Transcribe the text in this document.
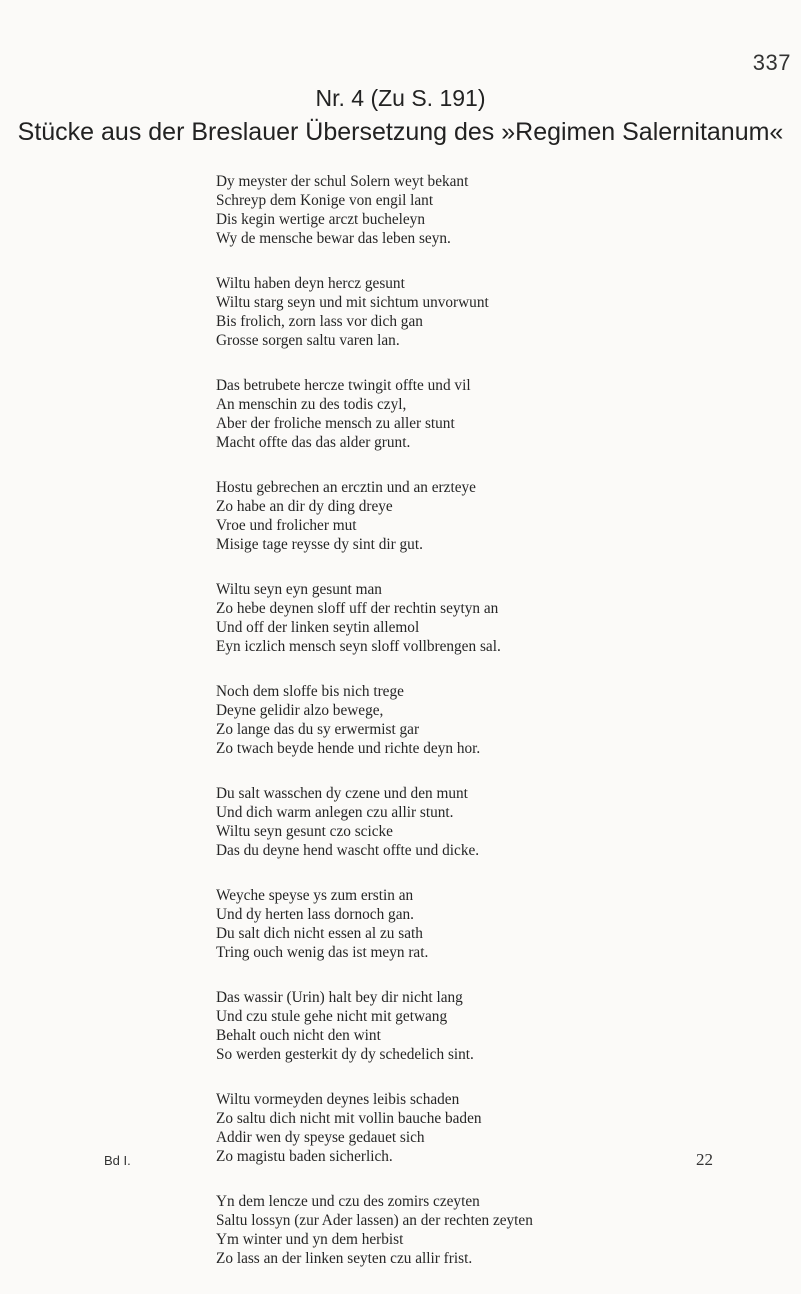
337
Nr. 4 (Zu S. 191)
Stücke aus der Breslauer Übersetzung des »Regimen Salernitanum«
Dy meyster der schul Solern weyt bekant
Schreyp dem Konige von engil lant
Dis kegin wertige arczt bucheleyn
Wy de mensche bewar das leben seyn.
Wiltu haben deyn hercz gesunt
Wiltu starg seyn und mit sichtum unvorwunt
Bis frolich, zorn lass vor dich gan
Grosse sorgen saltu varen lan.
Das betrubete hercze twingit offte und vil
An menschin zu des todis czyl,
Aber der froliche mensch zu aller stunt
Macht offte das das alder grunt.
Hostu gebrechen an ercztin und an erzteye
Zo habe an dir dy ding dreye
Vroe und frolicher mut
Misige tage reysse dy sint dir gut.
Wiltu seyn eyn gesunt man
Zo hebe deynen sloff uff der rechtin seytyn an
Und off der linken seytin allemol
Eyn iczlich mensch seyn sloff vollbrengen sal.
Noch dem sloffe bis nich trege
Deyne gelidir alzo bewege,
Zo lange das du sy erwermist gar
Zo twach beyde hende und richte deyn hor.
Du salt wasschen dy czene und den munt
Und dich warm anlegen czu allir stunt.
Wiltu seyn gesunt czo scicke
Das du deyne hend wascht offte und dicke.
Weyche speyse ys zum erstin an
Und dy herten lass dornoch gan.
Du salt dich nicht essen al zu sath
Tring ouch wenig das ist meyn rat.
Das wassir (Urin) halt bey dir nicht lang
Und czu stule gehe nicht mit getwang
Behalt ouch nicht den wint
So werden gesterkit dy dy schedelich sint.
Wiltu vormeyden deynes leibis schaden
Zo saltu dich nicht mit vollin bauche baden
Addir wen dy speyse gedauet sich
Zo magistu baden sicherlich.
Yn dem lencze und czu des zomirs czeyten
Saltu lossyn (zur Ader lassen) an der rechten zeyten
Ym winter und yn dem herbist
Zo lass an der linken seyten czu allir frist.
Bd I.	22
